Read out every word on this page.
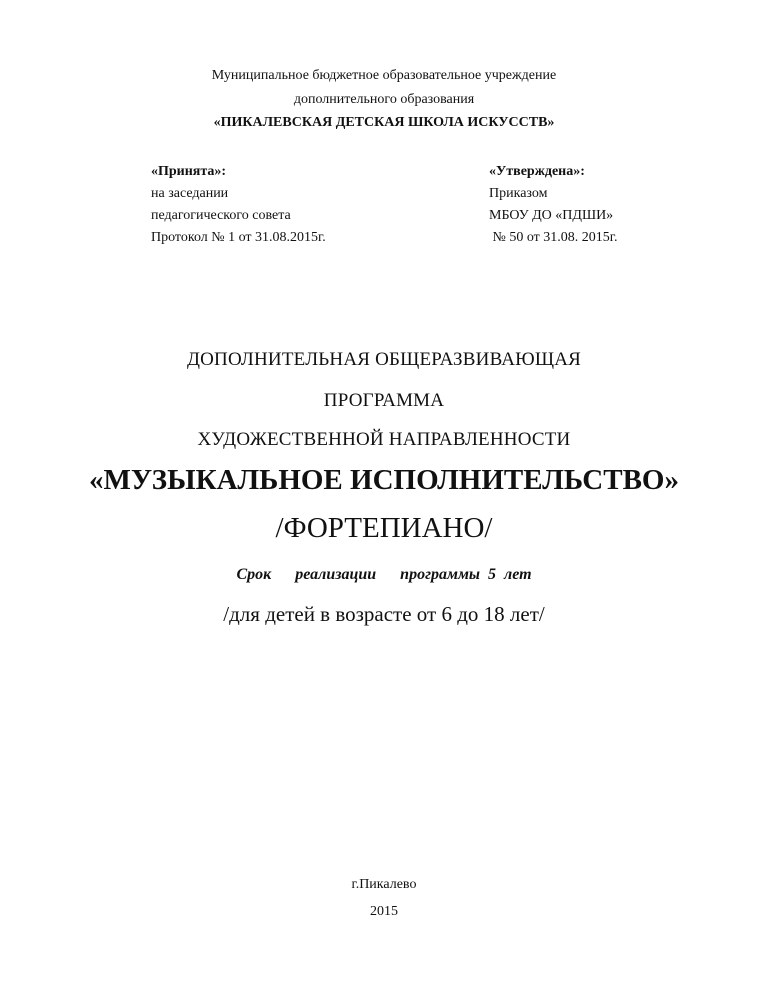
Муниципальное бюджетное образовательное учреждение
дополнительного образования
«ПИКАЛЕВСКАЯ ДЕТСКАЯ ШКОЛА ИСКУССТВ»
«Принята»:
на заседании
педагогического совета
Протокол № 1 от 31.08.2015г.
«Утверждена»:
Приказом
МБОУ ДО «ПДШИ»
№ 50 от 31.08. 2015г.
ДОПОЛНИТЕЛЬНАЯ ОБЩЕРАЗВИВАЮЩАЯ
ПРОГРАММА
ХУДОЖЕСТВЕННОЙ НАПРАВЛЕННОСТИ
«МУЗЫКАЛЬНОЕ ИСПОЛНИТЕЛЬСТВО»
/ФОРТЕПИАНО/
Срок   реализации   программы 5 лет
/для детей в возрасте от 6 до 18 лет/
г.Пикалево
2015
